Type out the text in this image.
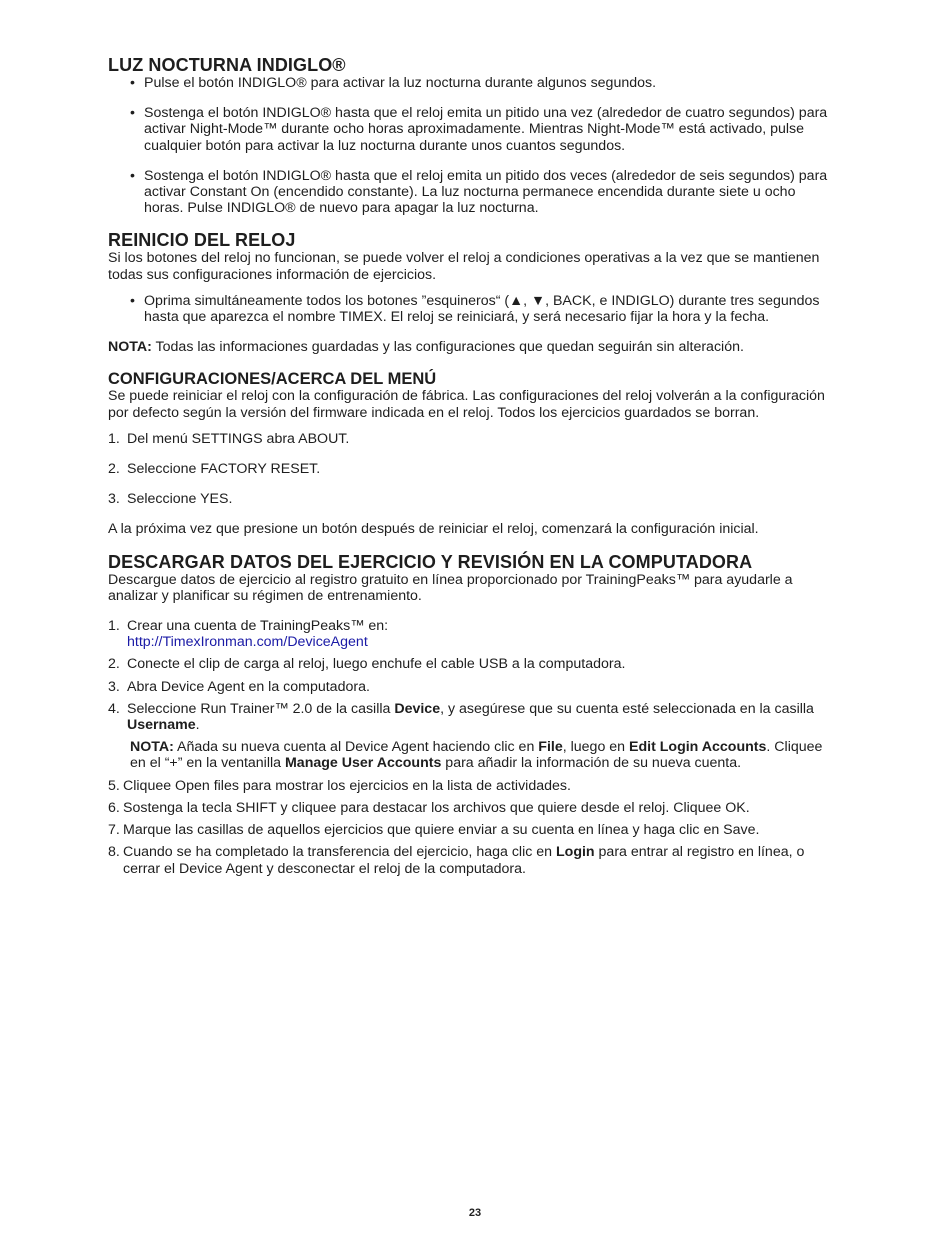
LUZ NOCTURNA INDIGLO®
• Pulse el botón INDIGLO® para activar la luz nocturna durante algunos segundos.
• Sostenga el botón INDIGLO® hasta que el reloj emita un pitido una vez (alrededor de cuatro segundos) para activar Night-Mode™ durante ocho horas aproximadamente. Mientras Night-Mode™ está activado, pulse cualquier botón para activar la luz nocturna durante unos cuantos segundos.
• Sostenga el botón INDIGLO® hasta que el reloj emita un pitido dos veces (alrededor de seis segundos) para activar Constant On (encendido constante). La luz nocturna permanece encendida durante siete u ocho horas. Pulse INDIGLO® de nuevo para apagar la luz nocturna.
REINICIO DEL RELOJ

Si los botones del reloj no funcionan, se puede volver el reloj a condiciones operativas a la vez que se mantienen todas sus configuraciones información de ejercicios.

• Oprima simultáneamente todos los botones ”esquineros“ (▲, ▼, BACK, e INDIGLO) durante tres segundos hasta que aparezca el nombre TIMEX. El reloj se reiniciará, y será necesario fijar la hora y la fecha.

NOTA: Todas las informaciones guardadas y las configuraciones que quedan seguirán sin alteración.

CONFIGURACIONES/ACERCA DEL MENÚ

Se puede reiniciar el reloj con la configuración de fábrica. Las configuraciones del reloj volverán a la configuración por defecto según la versión del firmware indicada en el reloj. Todos los ejercicios guardados se borran.

1. Del menú SETTINGS abra ABOUT.
2. Seleccione FACTORY RESET.
3. Seleccione YES.

A la próxima vez que presione un botón después de reiniciar el reloj, comenzará la configuración inicial.

DESCARGAR DATOS DEL EJERCICIO Y REVISIÓN EN LA COMPUTADORA

Descargue datos de ejercicio al registro gratuito en línea proporcionado por TrainingPeaks™ para ayudarle a analizar y planificar su régimen de entrenamiento.

1. Crear una cuenta de TrainingPeaks™ en:
http://TimexIronman.com/DeviceAgent
2. Conecte el clip de carga al reloj, luego enchufe el cable USB a la computadora.
3. Abra Device Agent en la computadora.
4. Seleccione Run Trainer™ 2.0 de la casilla Device, y asegúrese que su cuenta esté seleccionada en la casilla Username.

NOTA: Añada su nueva cuenta al Device Agent haciendo clic en File, luego en Edit Login Accounts. Cliquee en el “+” en la ventanilla Manage User Accounts para añadir la información de su nueva cuenta.

5. Cliquee Open files para mostrar los ejercicios en la lista de actividades.
6. Sostenga la tecla SHIFT y cliquee para destacar los archivos que quiere desde el reloj. Cliquee OK.
7. Marque las casillas de aquellos ejercicios que quiere enviar a su cuenta en línea y haga clic en Save.
8. Cuando se ha completado la transferencia del ejercicio, haga clic en Login para entrar al registro en línea, o cerrar el Device Agent y desconectar el reloj de la computadora.
23
